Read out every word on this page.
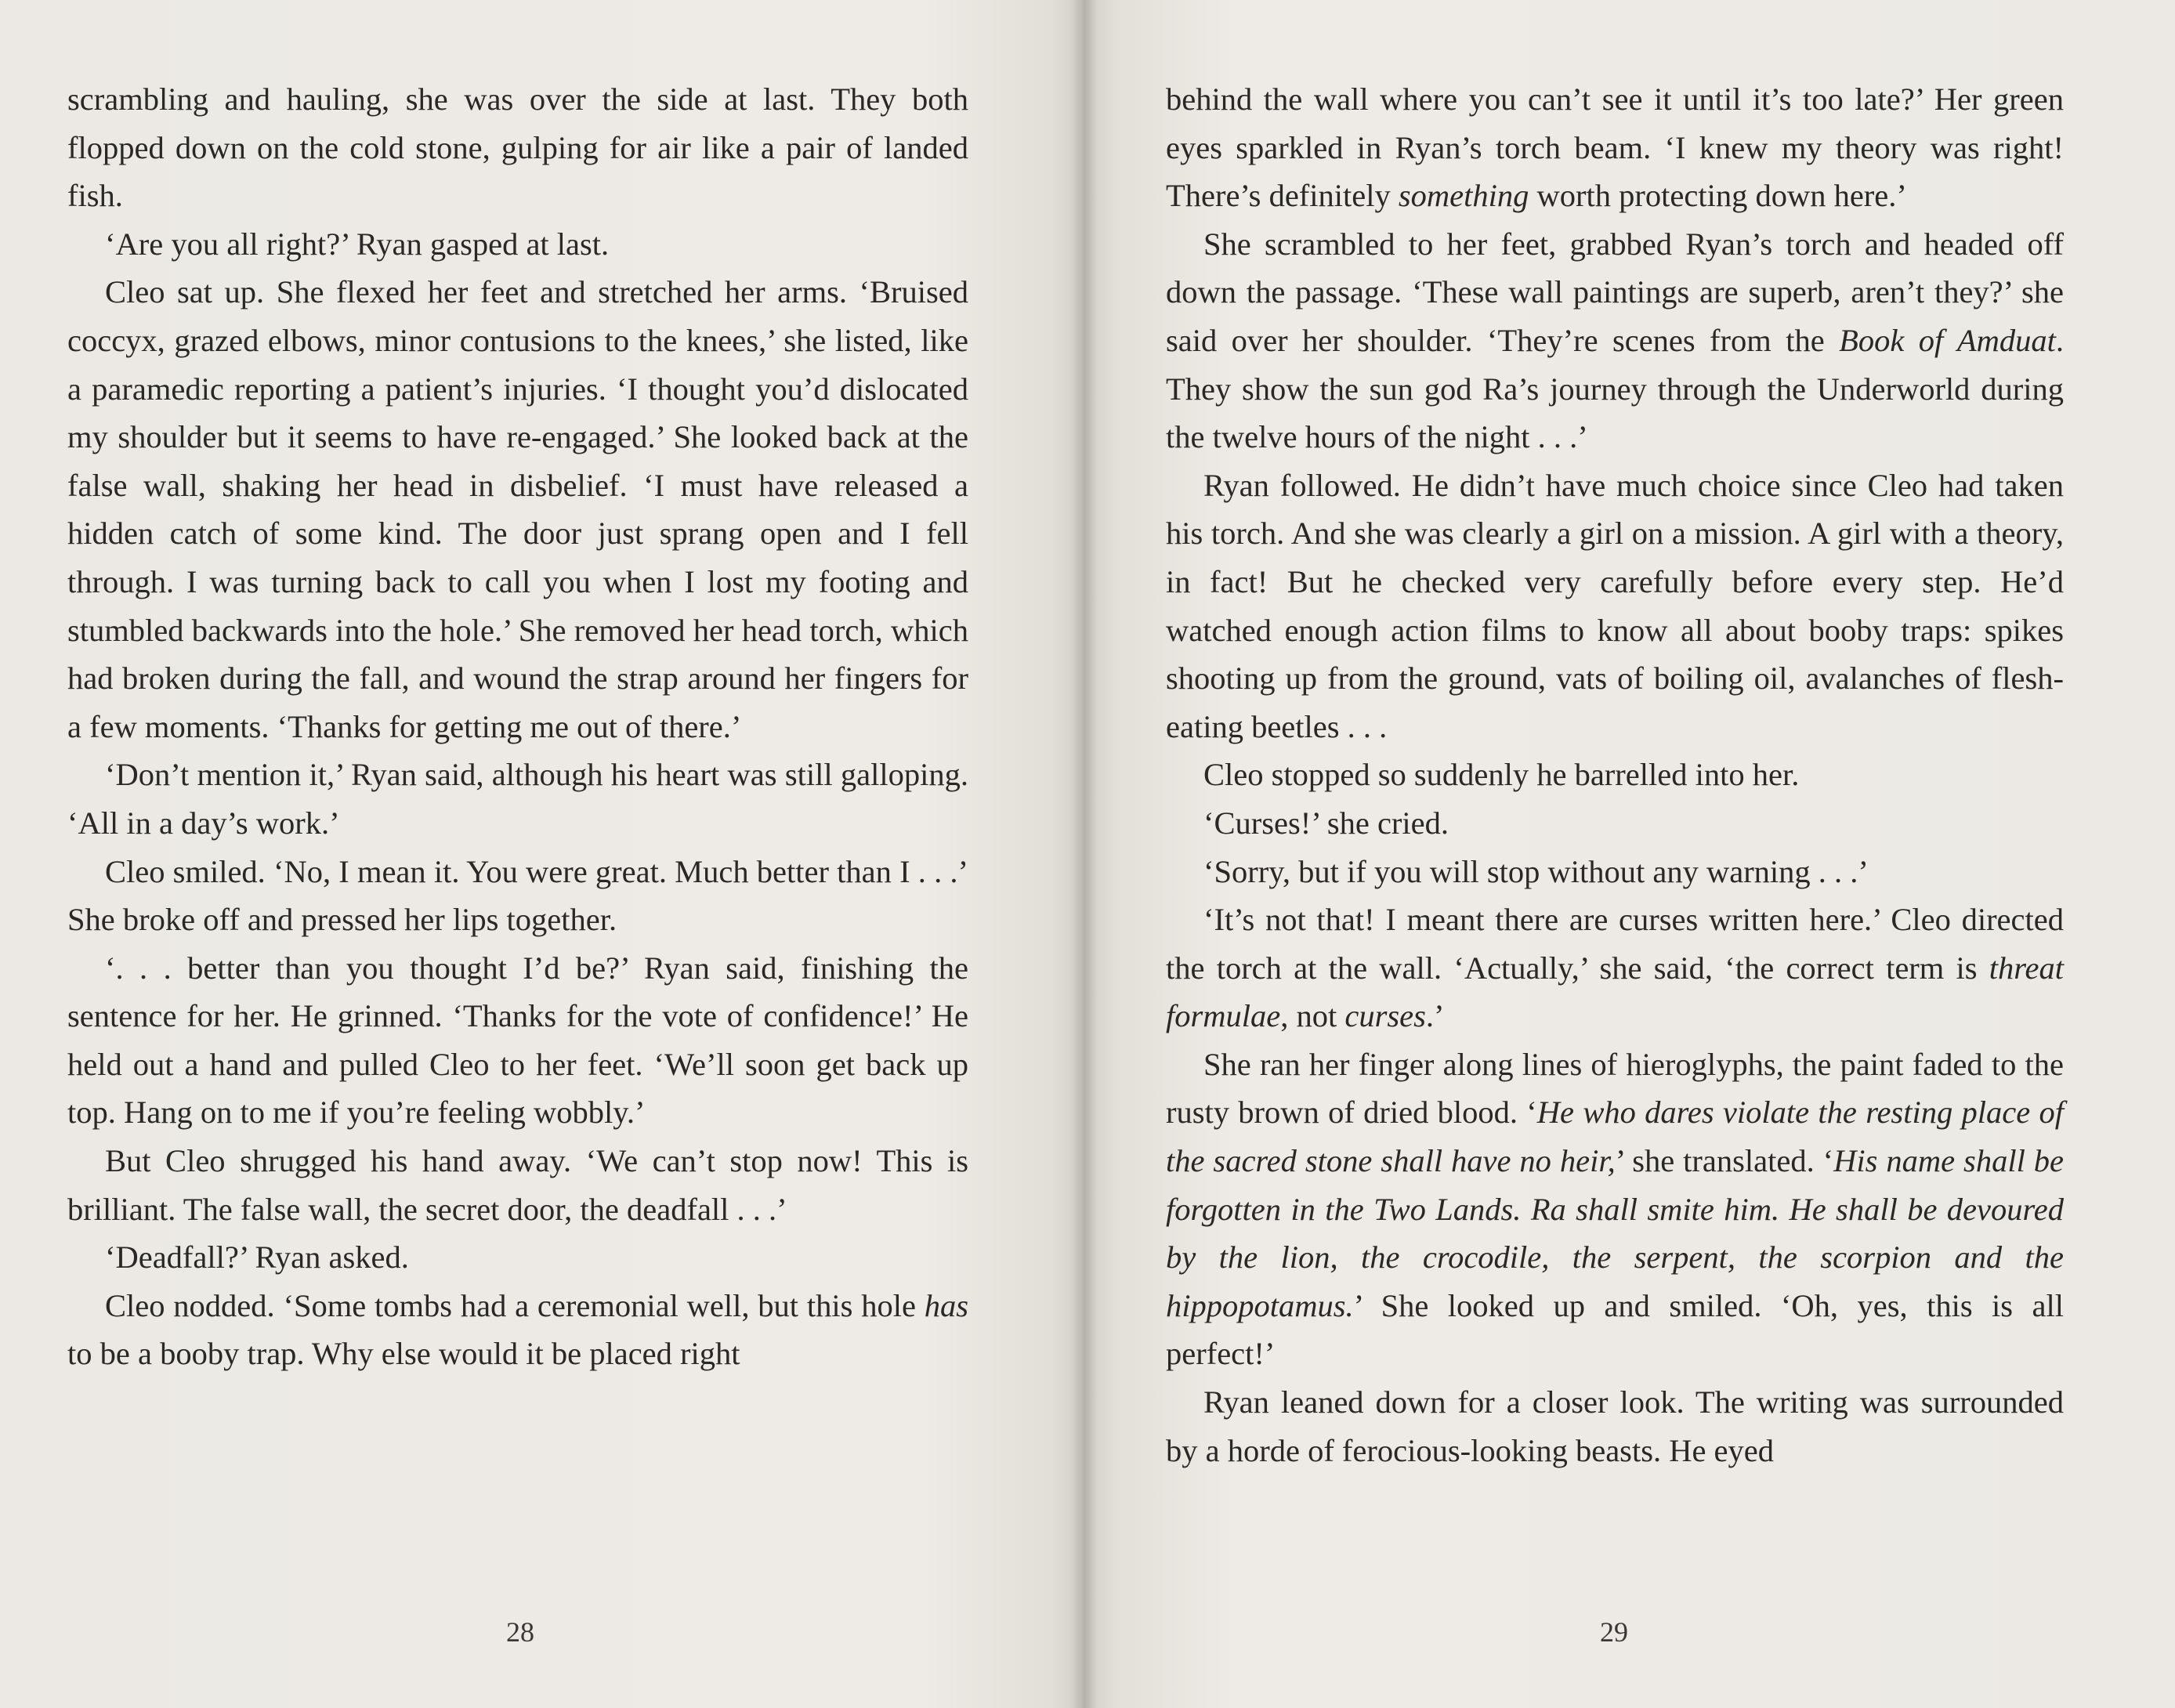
scrambling and hauling, she was over the side at last. They both flopped down on the cold stone, gulping for air like a pair of landed fish.

‘Are you all right?’ Ryan gasped at last.

Cleo sat up. She flexed her feet and stretched her arms. ‘Bruised coccyx, grazed elbows, minor contusions to the knees,’ she listed, like a paramedic reporting a patient’s injuries. ‘I thought you’d dislocated my shoulder but it seems to have re-engaged.’ She looked back at the false wall, shaking her head in disbelief. ‘I must have released a hidden catch of some kind. The door just sprang open and I fell through. I was turning back to call you when I lost my footing and stumbled backwards into the hole.’ She removed her head torch, which had broken during the fall, and wound the strap around her fingers for a few moments. ‘Thanks for getting me out of there.’

‘Don’t mention it,’ Ryan said, although his heart was still galloping. ‘All in a day’s work.’

Cleo smiled. ‘No, I mean it. You were great. Much better than I . . .’ She broke off and pressed her lips together.

‘. . . better than you thought I’d be?’ Ryan said, finishing the sentence for her. He grinned. ‘Thanks for the vote of confidence!’ He held out a hand and pulled Cleo to her feet. ‘We’ll soon get back up top. Hang on to me if you’re feeling wobbly.’

But Cleo shrugged his hand away. ‘We can’t stop now! This is brilliant. The false wall, the secret door, the deadfall . . .’

‘Deadfall?’ Ryan asked.

Cleo nodded. ‘Some tombs had a ceremonial well, but this hole has to be a booby trap. Why else would it be placed right

28

behind the wall where you can’t see it until it’s too late?’ Her green eyes sparkled in Ryan’s torch beam. ‘I knew my theory was right! There’s definitely something worth protecting down here.’

She scrambled to her feet, grabbed Ryan’s torch and headed off down the passage. ‘These wall paintings are superb, aren’t they?’ she said over her shoulder. ‘They’re scenes from the Book of Amduat. They show the sun god Ra’s journey through the Underworld during the twelve hours of the night . . .’

Ryan followed. He didn’t have much choice since Cleo had taken his torch. And she was clearly a girl on a mission. A girl with a theory, in fact! But he checked very carefully before every step. He’d watched enough action films to know all about booby traps: spikes shooting up from the ground, vats of boiling oil, avalanches of flesh-eating beetles . . .

Cleo stopped so suddenly he barrelled into her.

‘Curses!’ she cried.

‘Sorry, but if you will stop without any warning . . .’

‘It’s not that! I meant there are curses written here.’ Cleo directed the torch at the wall. ‘Actually,’ she said, ‘the correct term is threat formulae, not curses.’

She ran her finger along lines of hieroglyphs, the paint faded to the rusty brown of dried blood. ‘He who dares violate the resting place of the sacred stone shall have no heir,’ she translated. ‘His name shall be forgotten in the Two Lands. Ra shall smite him. He shall be devoured by the lion, the crocodile, the serpent, the scorpion and the hippopotamus.’ She looked up and smiled. ‘Oh, yes, this is all perfect!’

Ryan leaned down for a closer look. The writing was surrounded by a horde of ferocious-looking beasts. He eyed

29
